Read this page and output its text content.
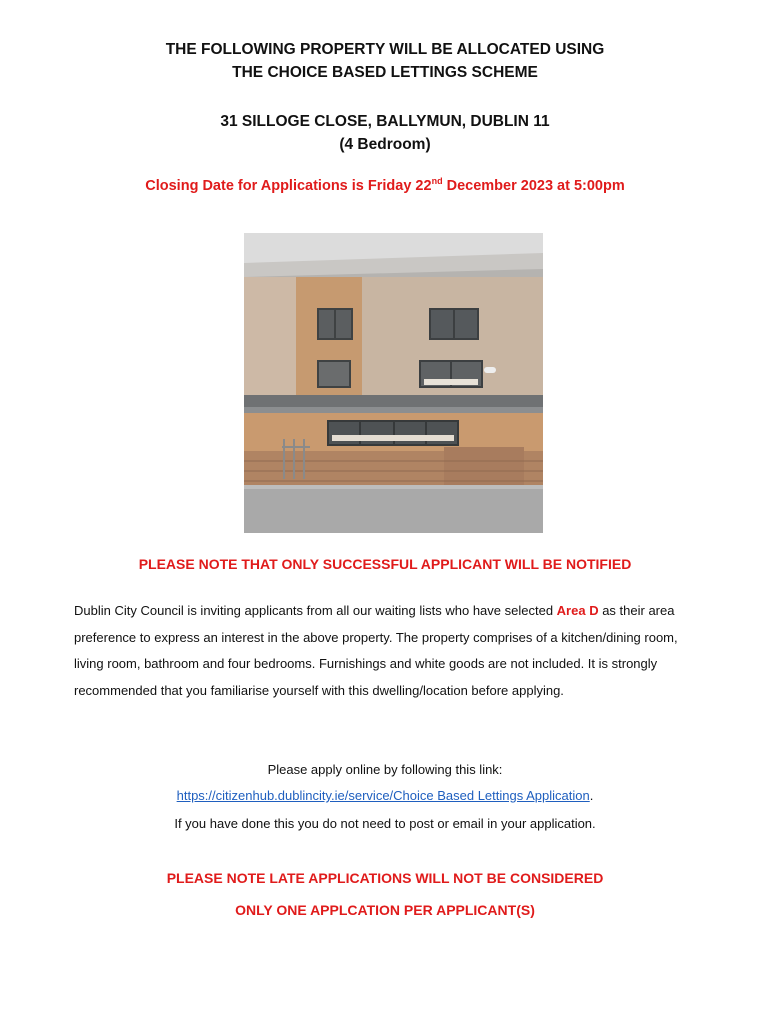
THE FOLLOWING PROPERTY WILL BE ALLOCATED USING
THE CHOICE BASED LETTINGS SCHEME
31 SILLOGE CLOSE, BALLYMUN, DUBLIN 11
(4 Bedroom)
Closing Date for Applications is Friday 22nd December 2023 at 5:00pm
PLEASE NOTE THAT ONLY SUCCESSFUL APPLICANT WILL BE NOTIFIED
Dublin City Council is inviting applicants from all our waiting lists who have selected Area D as their area preference to express an interest in the above property. The property comprises of a kitchen/dining room, living room, bathroom and four bedrooms. Furnishings and white goods are not included. It is strongly recommended that you familiarise yourself with this dwelling/location before applying.
Please apply online by following this link:
https://citizenhub.dublincity.ie/service/Choice Based Lettings Application.
If you have done this you do not need to post or email in your application.
PLEASE NOTE LATE APPLICATIONS WILL NOT BE CONSIDERED
ONLY ONE APPLCATION PER APPLICANT(S)
